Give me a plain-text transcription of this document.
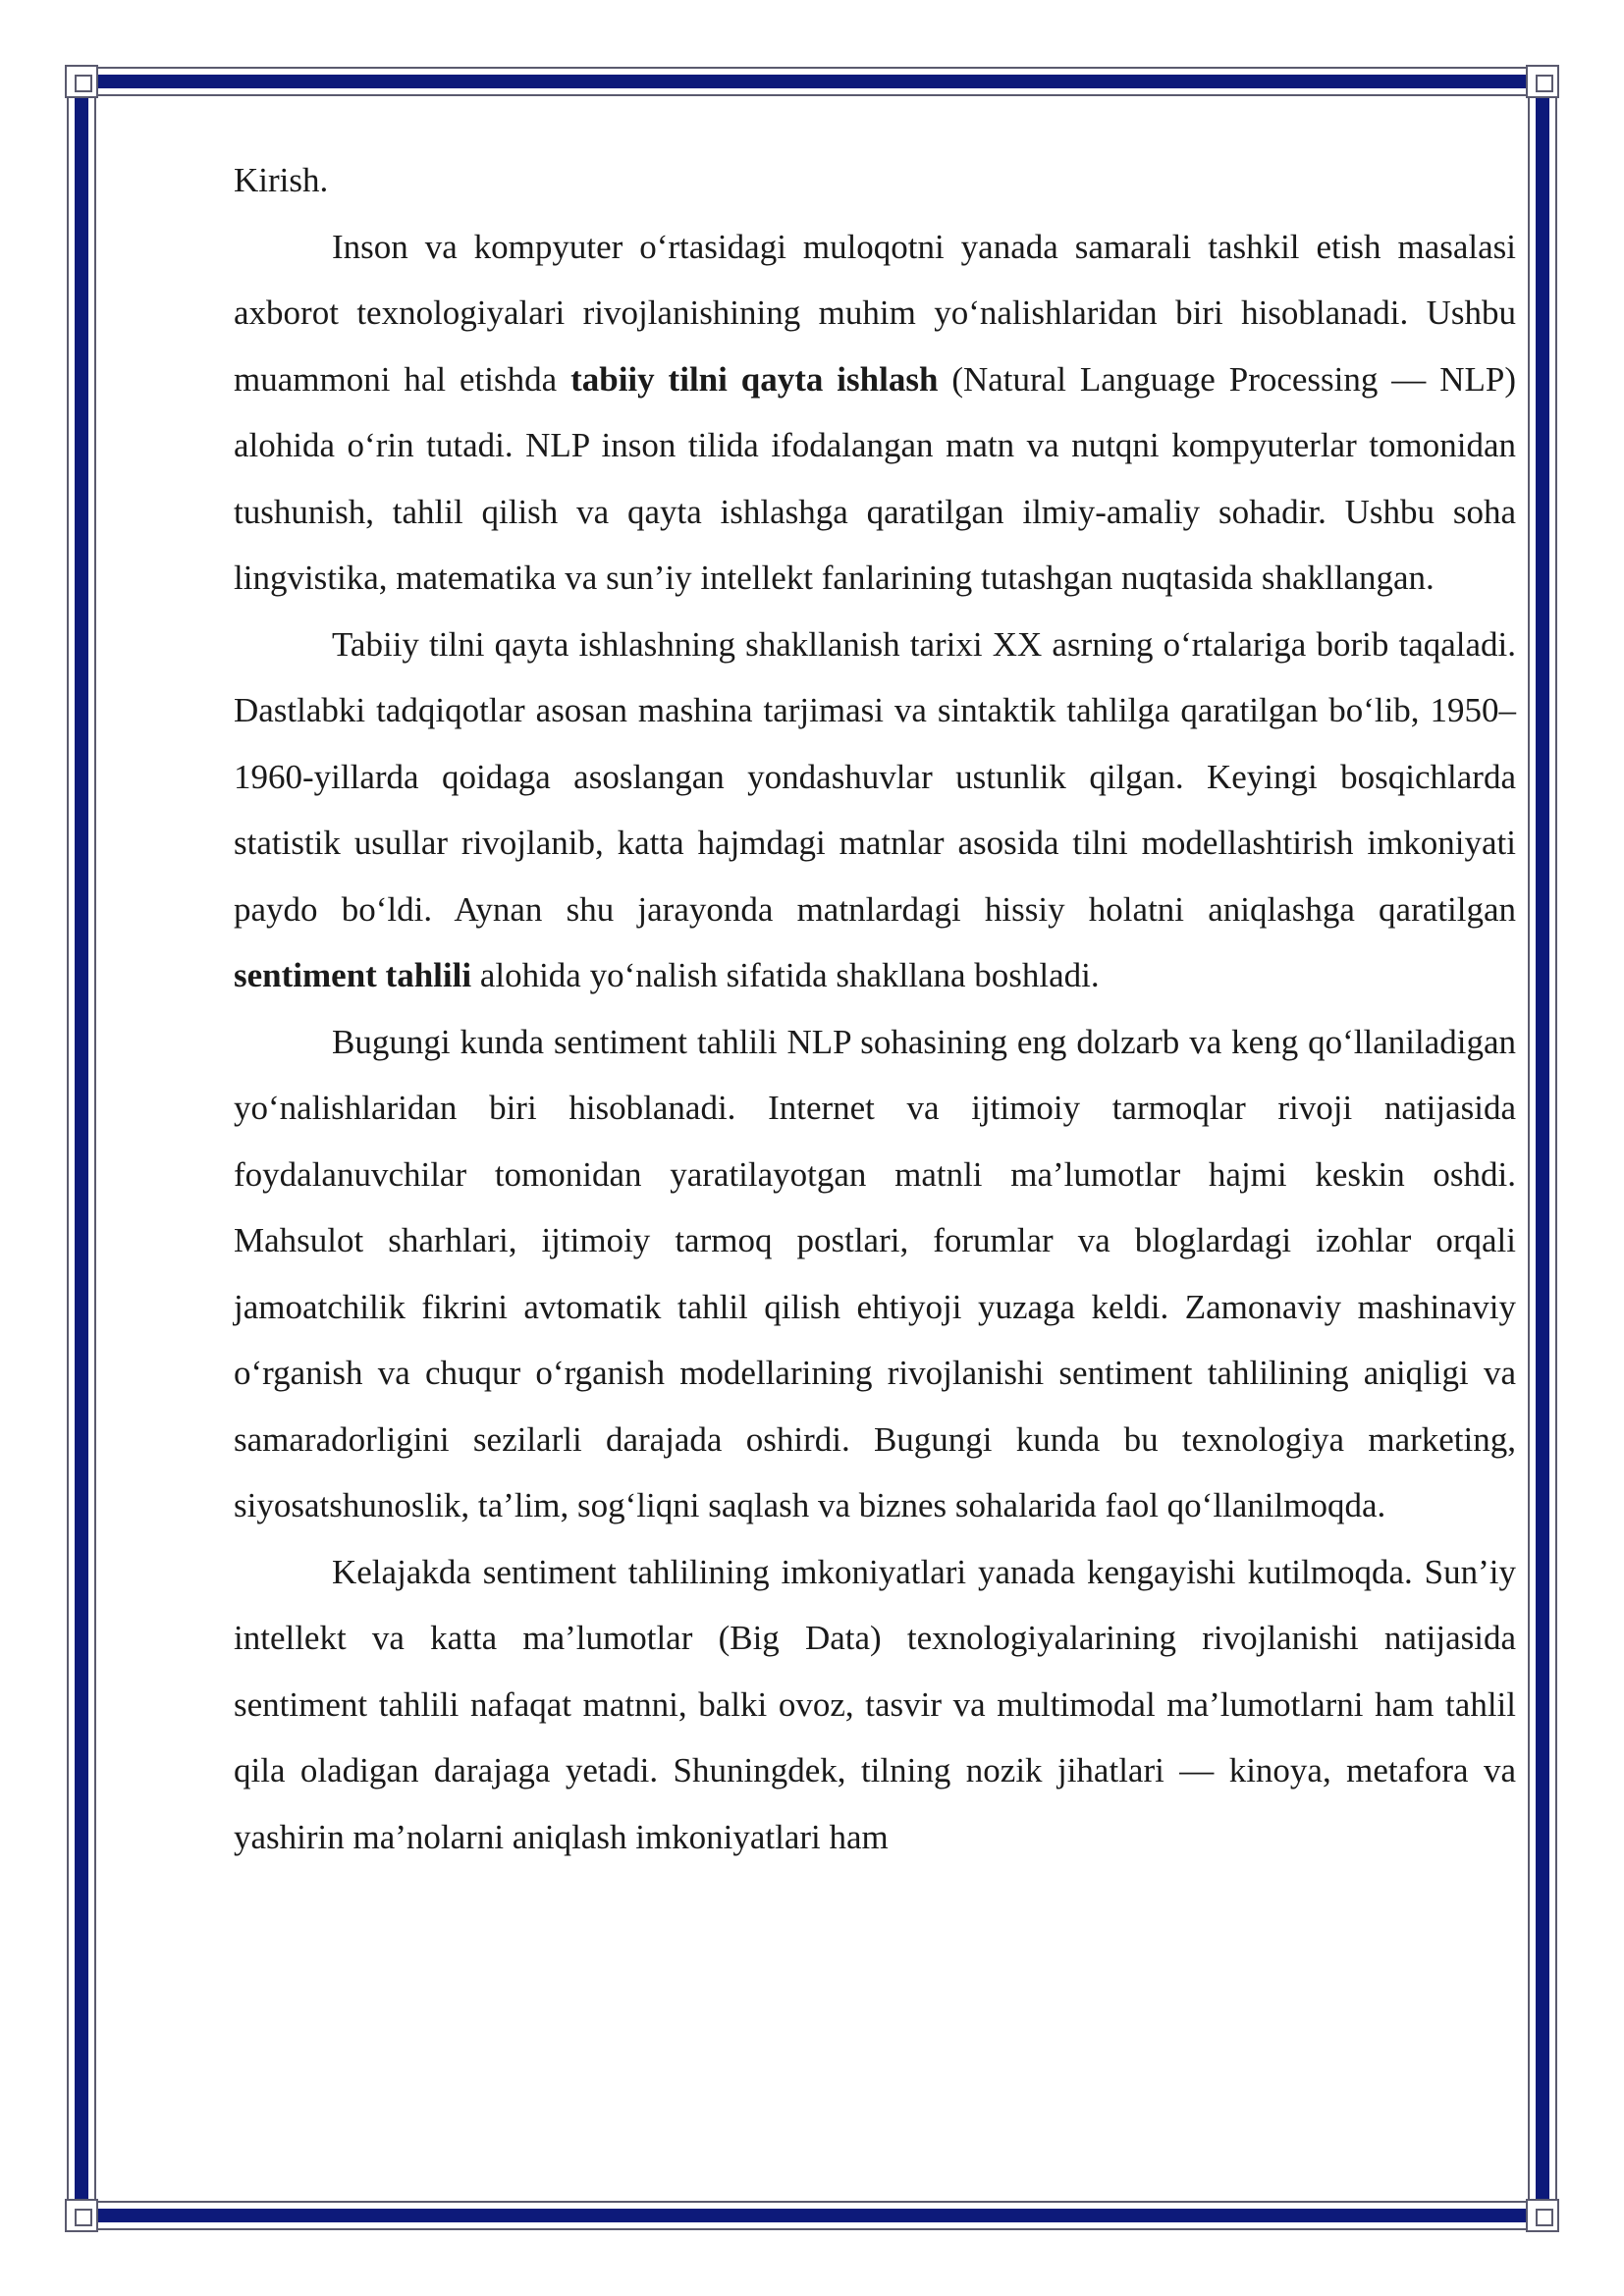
Kirish.

Inson va kompyuter o‘rtasidagi muloqotni yanada samarali tashkil etish masalasi axborot texnologiyalari rivojlanishining muhim yo‘nalishlaridan biri hisoblanadi. Ushbu muammoni hal etishda tabiiy tilni qayta ishlash (Natural Language Processing — NLP) alohida o‘rin tutadi. NLP inson tilida ifodalangan matn va nutqni kompyuterlar tomonidan tushunish, tahlil qilish va qayta ishlashga qaratilgan ilmiy-amaliy sohadir. Ushbu soha lingvistika, matematika va sun’iy intellekt fanlarining tutashgan nuqtasida shakllangan.

Tabiiy tilni qayta ishlashning shakllanish tarixi XX asrning o‘rtalariga borib taqaladi. Dastlabki tadqiqotlar asosan mashina tarjimasi va sintaktik tahlilga qaratilgan bo‘lib, 1950–1960-yillarda qoidaga asoslangan yondashuvlar ustunlik qilgan. Keyingi bosqichlarda statistik usullar rivojlanib, katta hajmdagi matnlar asosida tilni modellashtirish imkoniyati paydo bo‘ldi. Aynan shu jarayonda matnlardagi hissiy holatni aniqlashga qaratilgan sentiment tahlili alohida yo‘nalish sifatida shakllana boshladi.

Bugungi kunda sentiment tahlili NLP sohasining eng dolzarb va keng qo‘llaniladigan yo‘nalishlaridan biri hisoblanadi. Internet va ijtimoiy tarmoqlar rivoji natijasida foydalanuvchilar tomonidan yaratilayotgan matnli ma’lumotlar hajmi keskin oshdi. Mahsulot sharhlari, ijtimoiy tarmoq postlari, forumlar va bloglardagi izohlar orqali jamoatchilik fikrini avtomatik tahlil qilish ehtiyoji yuzaga keldi. Zamonaviy mashinaviy o‘rganish va chuqur o‘rganish modellarining rivojlanishi sentiment tahlilining aniqligi va samaradorligini sezilarli darajada oshirdi. Bugungi kunda bu texnologiya marketing, siyosatshunoslik, ta’lim, sog‘liqni saqlash va biznes sohalarida faol qo‘llanilmoqda.

Kelajakda sentiment tahlilining imkoniyatlari yanada kengayishi kutilmoqda. Sun’iy intellekt va katta ma’lumotlar (Big Data) texnologiyalarining rivojlanishi natijasida sentiment tahlili nafaqat matnni, balki ovoz, tasvir va multimodal ma’lumotlarni ham tahlil qila oladigan darajaga yetadi. Shuningdek, tilning nozik jihatlari — kinoya, metafora va yashirin ma’nolarni aniqlash imkoniyatlari ham
